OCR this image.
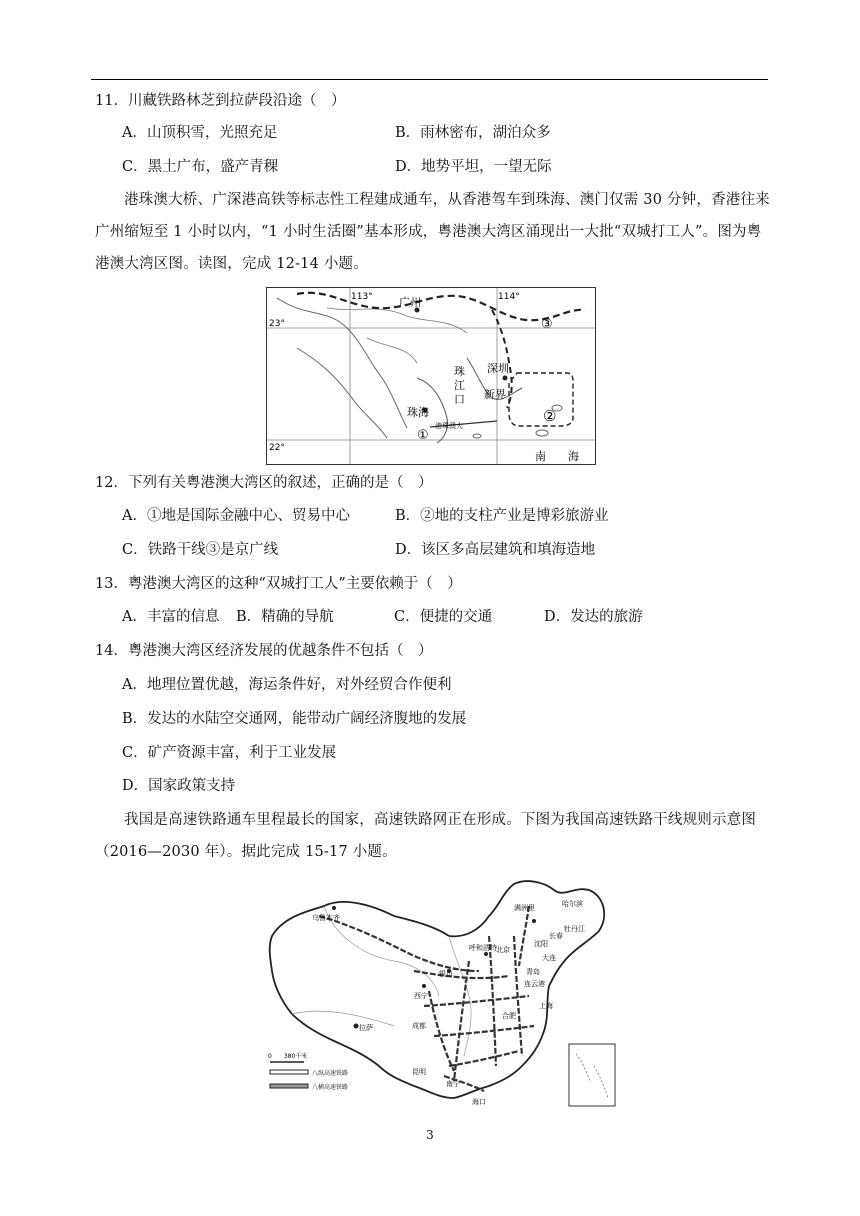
11．川藏铁路林芝到拉萨段沿途（　）
A．山顶积雪，光照充足	B．雨林密布，湖泊众多
C．黑土广布，盛产青稞	D．地势平坦，一望无际
港珠澳大桥、广深港高铁等标志性工程建成通车，从香港驾车到珠海、澳门仅需 30 分钟，香港往来广州缩短至 1 小时以内，“1 小时生活圈”基本形成，粤港澳大湾区涌现出一大批“双城打工人”。图为粤港澳大湾区图。读图，完成 12-14 小题。
113°	114°
23°
22°
广州
深圳
珠
江
口
珠海
新界
港珠澳大
南　　海
①
②
③
12．下列有关粤港澳大湾区的叙述，正确的是（　）
A．①地是国际金融中心、贸易中心	B．②地的支柱产业是博彩旅游业
C．铁路干线③是京广线	D．该区多高层建筑和填海造地
13．粤港澳大湾区的这种“双城打工人”主要依赖于（　）
A．丰富的信息 B．精确的导航	C．便捷的交通	D．发达的旅游
14．粤港澳大湾区经济发展的优越条件不包括（　）
A．地理位置优越，海运条件好，对外经贸合作便利
B．发达的水陆空交通网，能带动广阔经济腹地的发展
C．矿产资源丰富，利于工业发展
D．国家政策支持
我国是高速铁路通车里程最长的国家，高速铁路网正在形成。下图为我国高速铁路干线规则示意图（2016—2030 年）。据此完成 15-17 小题。
乌鲁木齐
拉萨
西宁
银川
呼和浩特 北京
满洲里	哈尔滨
牡丹江
长春
沈阳
大连
青岛
连云港
成都
合肥
上海
昆明
南宁
海口
0　　380千米
八纵高速铁路
八横高速铁路
3
